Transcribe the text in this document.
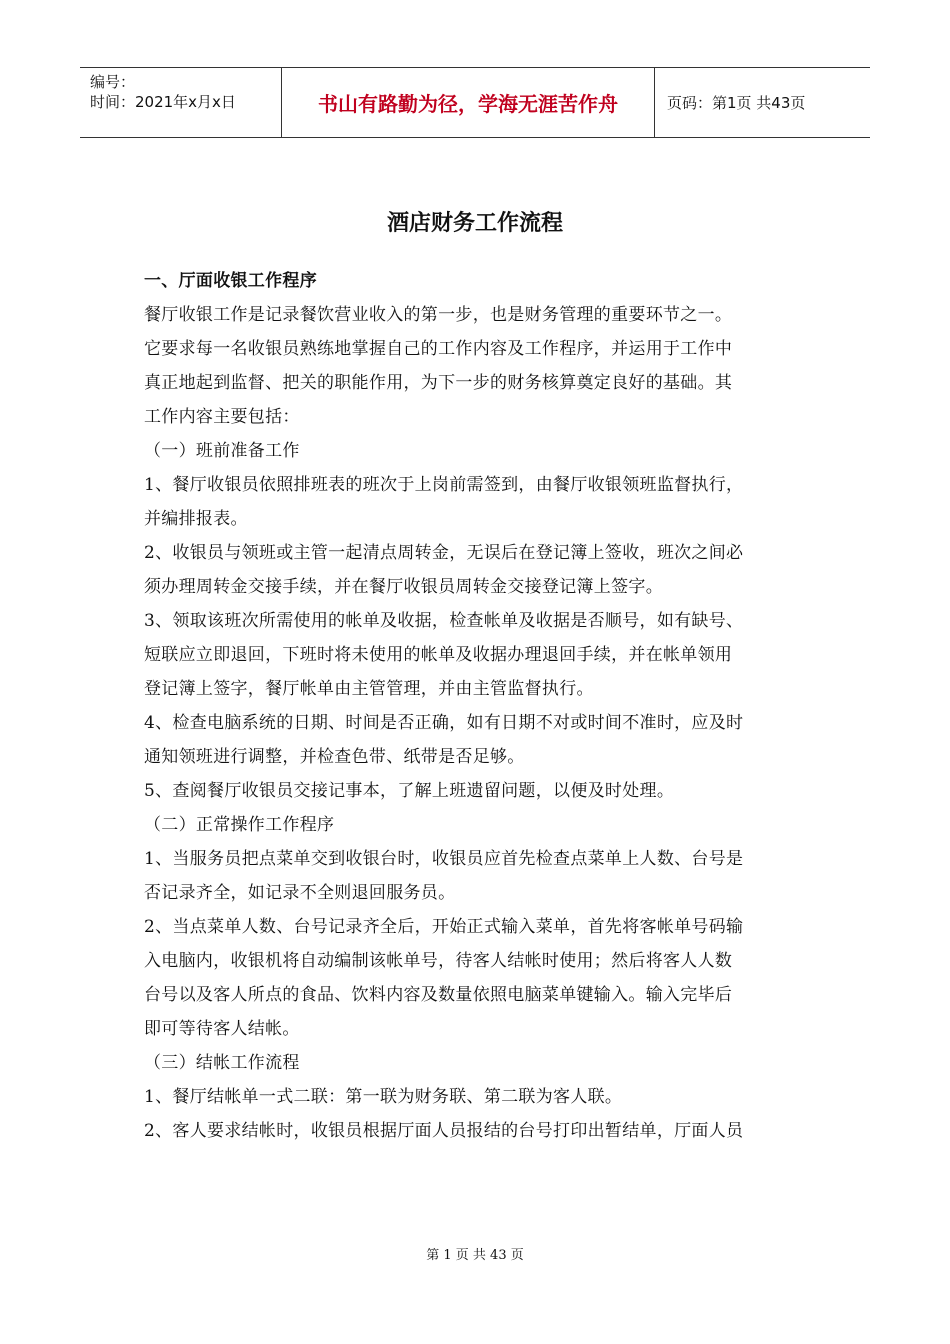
编号：
时间：2021年x月x日	书山有路勤为径，学海无涯苦作舟	页码：第1页 共43页
酒店财务工作流程

一、厅面收银工作程序

餐厅收银工作是记录餐饮营业收入的第一步，也是财务管理的重要环节之一。

它要求每一名收银员熟练地掌握自己的工作内容及工作程序，并运用于工作中

真正地起到监督、把关的职能作用，为下一步的财务核算奠定良好的基础。其

工作内容主要包括：

（一）班前准备工作

1、餐厅收银员依照排班表的班次于上岗前需签到，由餐厅收银领班监督执行，

并编排报表。

2、收银员与领班或主管一起清点周转金，无误后在登记簿上签收，班次之间必

须办理周转金交接手续，并在餐厅收银员周转金交接登记簿上签字。

3、领取该班次所需使用的帐单及收据，检查帐单及收据是否顺号，如有缺号、

短联应立即退回，下班时将未使用的帐单及收据办理退回手续，并在帐单领用

登记簿上签字，餐厅帐单由主管管理，并由主管监督执行。

4、检查电脑系统的日期、时间是否正确，如有日期不对或时间不准时，应及时

通知领班进行调整，并检查色带、纸带是否足够。

5、查阅餐厅收银员交接记事本，了解上班遗留问题，以便及时处理。

（二）正常操作工作程序

1、当服务员把点菜单交到收银台时，收银员应首先检查点菜单上人数、台号是

否记录齐全，如记录不全则退回服务员。

2、当点菜单人数、台号记录齐全后，开始正式输入菜单，首先将客帐单号码输

入电脑内，收银机将自动编制该帐单号，待客人结帐时使用；然后将客人人数

台号以及客人所点的食品、饮料内容及数量依照电脑菜单键输入。输入完毕后

即可等待客人结帐。

（三）结帐工作流程

1、餐厅结帐单一式二联：第一联为财务联、第二联为客人联。

2、客人要求结帐时，收银员根据厅面人员报结的台号打印出暂结单，厅面人员

第 1 页 共 43 页
